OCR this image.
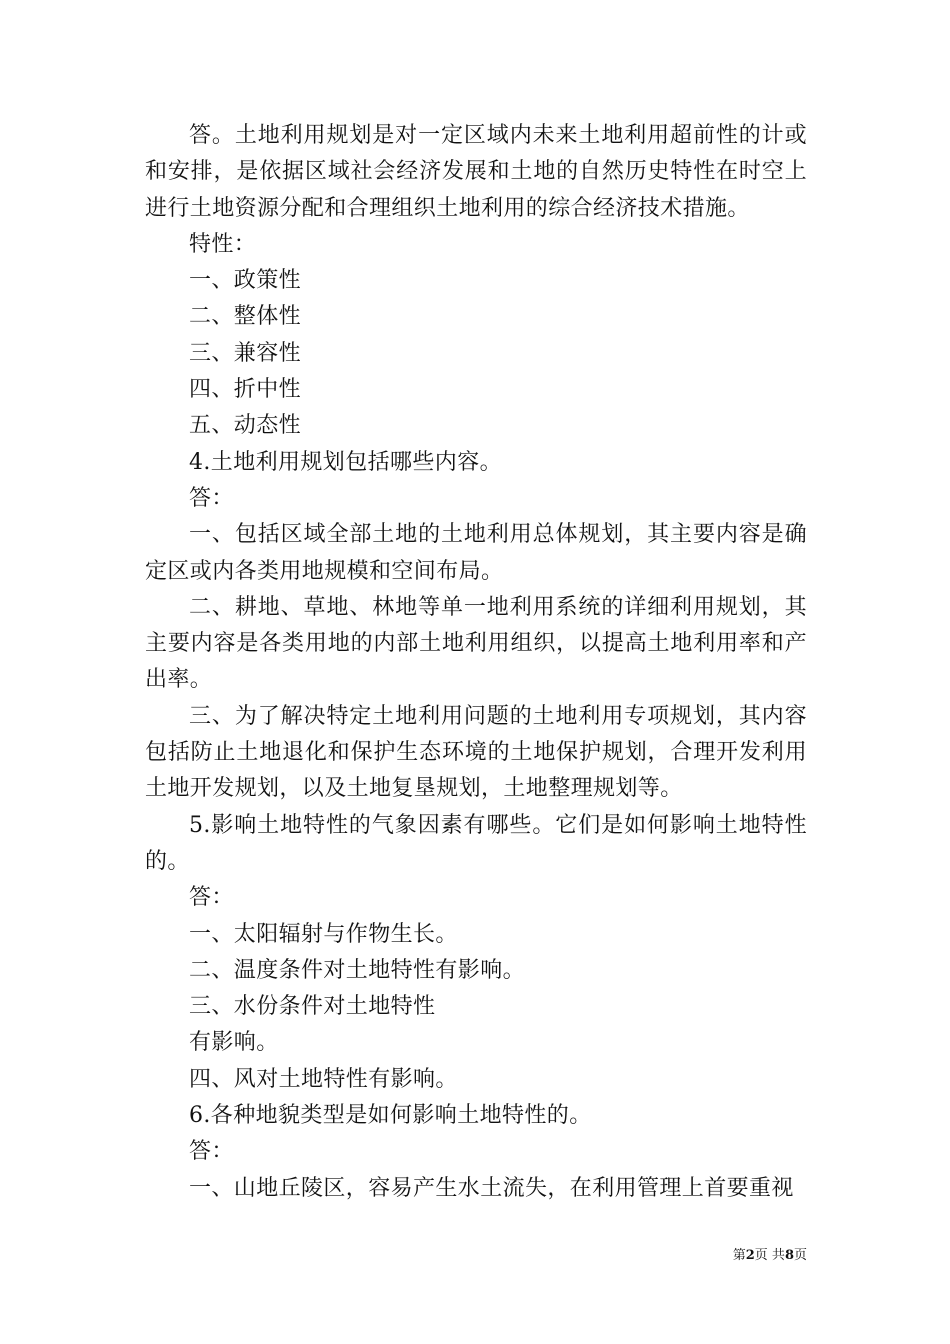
答。土地利用规划是对一定区域内未来土地利用超前性的计或和安排，是依据区域社会经济发展和土地的自然历史特性在时空上进行土地资源分配和合理组织土地利用的综合经济技术措施。

特性：

一、政策性

二、整体性

三、兼容性

四、折中性

五、动态性

4.土地利用规划包括哪些内容。

答：

一、包括区域全部土地的土地利用总体规划，其主要内容是确定区或内各类用地规模和空间布局。

二、耕地、草地、林地等单一地利用系统的详细利用规划，其主要内容是各类用地的内部土地利用组织，以提高土地利用率和产出率。

三、为了解决特定土地利用问题的土地利用专项规划，其内容包括防止土地退化和保护生态环境的土地保护规划，合理开发利用土地开发规划，以及土地复垦规划，土地整理规划等。

5.影响土地特性的气象因素有哪些。它们是如何影响土地特性的。

答：

一、太阳辐射与作物生长。

二、温度条件对土地特性有影响。

三、水份条件对土地特性

有影响。

四、风对土地特性有影响。

6.各种地貌类型是如何影响土地特性的。

答：

一、山地丘陵区，容易产生水土流失，在利用管理上首要重视

第2页 共8页
